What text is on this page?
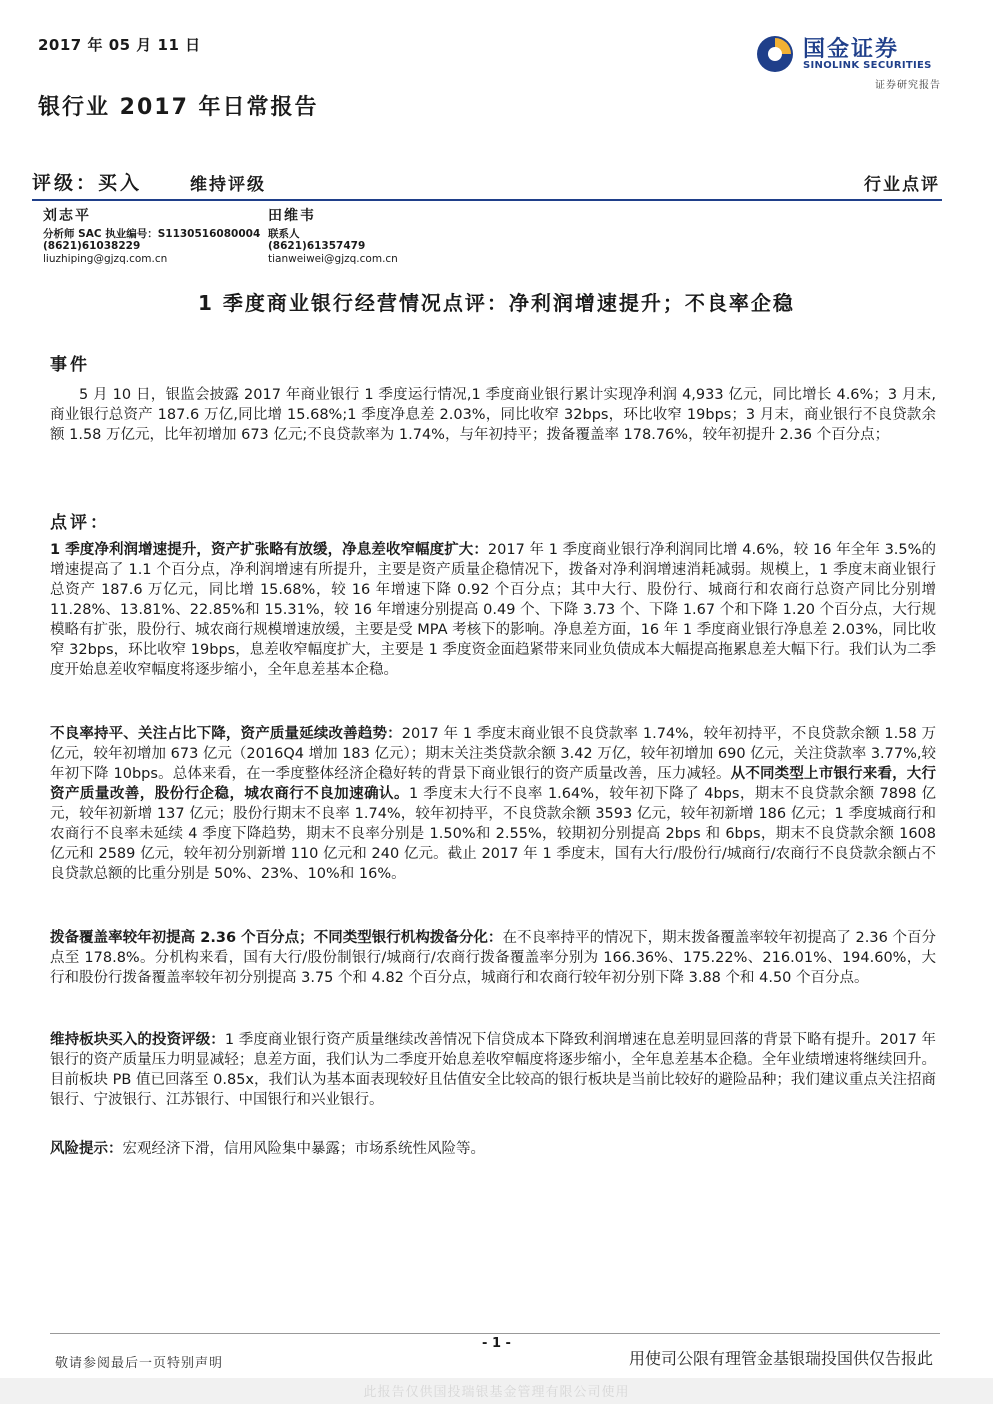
2017 年 05 月 11 日
银行业 2017 年日常报告
国金证券
SINOLINK SECURITIES
证券研究报告
评级：买入	维持评级	行业点评
刘志平
分析师 SAC 执业编号：S1130516080004
(8621)61038229
liuzhiping@gjzq.com.cn
田维韦
联系人
(8621)61357479
tianweiwei@gjzq.com.cn
1 季度商业银行经营情况点评：净利润增速提升；不良率企稳
事件
5 月 10 日，银监会披露 2017 年商业银行 1 季度运行情况,1 季度商业银行累计实现净利润 4,933 亿元，同比增长 4.6%；3 月末,商业银行总资产 187.6 万亿,同比增 15.68%;1 季度净息差 2.03%，同比收窄 32bps，环比收窄 19bps；3 月末，商业银行不良贷款余额 1.58 万亿元，比年初增加 673 亿元;不良贷款率为 1.74%，与年初持平；拨备覆盖率 178.76%，较年初提升 2.36 个百分点；
点评：
1 季度净利润增速提升，资产扩张略有放缓，净息差收窄幅度扩大：2017 年 1 季度商业银行净利润同比增 4.6%，较 16 年全年 3.5%的增速提高了 1.1 个百分点，净利润增速有所提升，主要是资产质量企稳情况下，拨备对净利润增速消耗减弱。规模上，1 季度末商业银行总资产 187.6 万亿元，同比增 15.68%，较 16 年增速下降 0.92 个百分点；其中大行、股份行、城商行和农商行总资产同比分别增 11.28%、13.81%、22.85%和 15.31%，较 16 年增速分别提高 0.49 个、下降 3.73 个、下降 1.67 个和下降 1.20 个百分点，大行规模略有扩张，股份行、城农商行规模增速放缓，主要是受 MPA 考核下的影响。净息差方面，16 年 1 季度商业银行净息差 2.03%，同比收窄 32bps，环比收窄 19bps，息差收窄幅度扩大，主要是 1 季度资金面趋紧带来同业负债成本大幅提高拖累息差大幅下行。我们认为二季度开始息差收窄幅度将逐步缩小，全年息差基本企稳。
不良率持平、关注占比下降，资产质量延续改善趋势：2017 年 1 季度末商业银不良贷款率 1.74%，较年初持平，不良贷款余额 1.58 万亿元，较年初增加 673 亿元（2016Q4 增加 183 亿元）；期末关注类贷款余额 3.42 万亿，较年初增加 690 亿元，关注贷款率 3.77%,较年初下降 10bps。总体来看，在一季度整体经济企稳好转的背景下商业银行的资产质量改善，压力减轻。从不同类型上市银行来看，大行资产质量改善，股份行企稳，城农商行不良加速确认。1 季度末大行不良率 1.64%，较年初下降了 4bps，期末不良贷款余额 7898 亿元，较年初新增 137 亿元；股份行期末不良率 1.74%，较年初持平，不良贷款余额 3593 亿元，较年初新增 186 亿元；1 季度城商行和农商行不良率未延续 4 季度下降趋势，期末不良率分别是 1.50%和 2.55%，较期初分别提高 2bps 和 6bps，期末不良贷款余额 1608 亿元和 2589 亿元，较年初分别新增 110 亿元和 240 亿元。截止 2017 年 1 季度末，国有大行/股份行/城商行/农商行不良贷款余额占不良贷款总额的比重分别是 50%、23%、10%和 16%。
拨备覆盖率较年初提高 2.36 个百分点；不同类型银行机构拨备分化：在不良率持平的情况下，期末拨备覆盖率较年初提高了 2.36 个百分点至 178.8%。分机构来看，国有大行/股份制银行/城商行/农商行拨备覆盖率分别为 166.36%、175.22%、216.01%、194.60%，大行和股份行拨备覆盖率较年初分别提高 3.75 个和 4.82 个百分点，城商行和农商行较年初分别下降 3.88 个和 4.50 个百分点。
维持板块买入的投资评级：1 季度商业银行资产质量继续改善情况下信贷成本下降致利润增速在息差明显回落的背景下略有提升。2017 年银行的资产质量压力明显减轻；息差方面，我们认为二季度开始息差收窄幅度将逐步缩小，全年息差基本企稳。全年业绩增速将继续回升。目前板块 PB 值已回落至 0.85x，我们认为基本面表现较好且估值安全比较高的银行板块是当前比较好的避险品种；我们建议重点关注招商银行、宁波银行、江苏银行、中国银行和兴业银行。
风险提示：宏观经济下滑，信用风险集中暴露；市场系统性风险等。
- 1 -
敬请参阅最后一页特别声明	用使司公限有理管金基银瑞投国供仅告报此
此报告仅供国投瑞银基金管理有限公司使用
